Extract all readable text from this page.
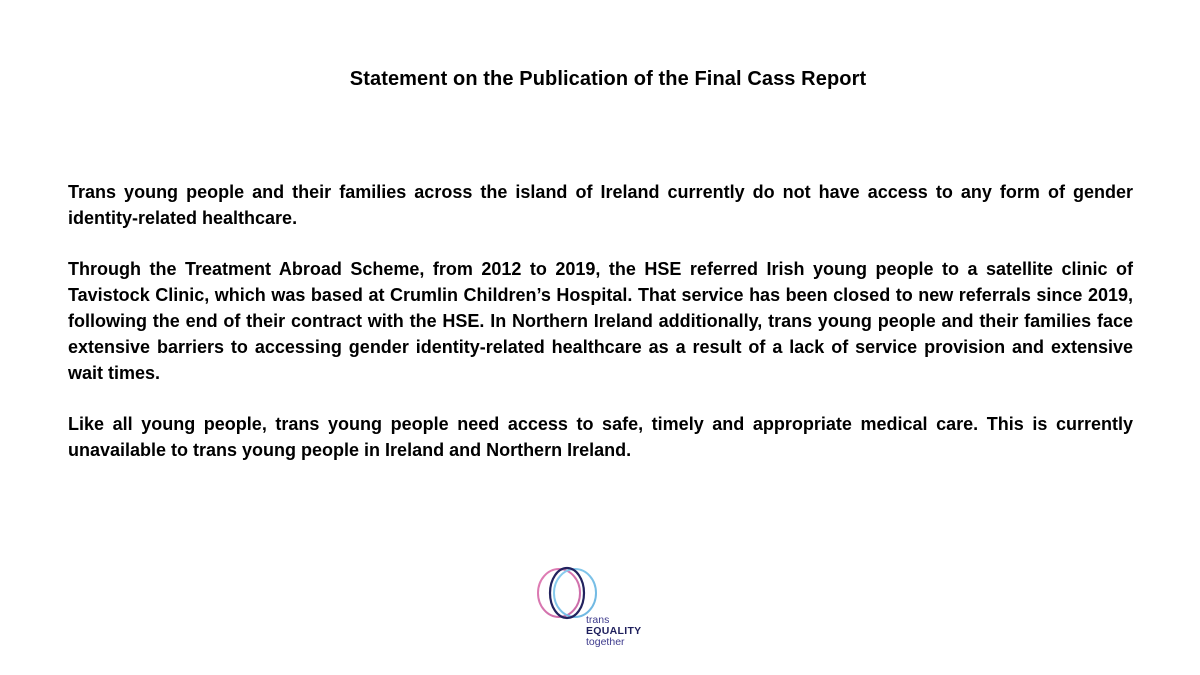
Statement on the Publication of the Final Cass Report

Trans young people and their families across the island of Ireland currently do not have access to any form of gender identity-related healthcare.

Through the Treatment Abroad Scheme, from 2012 to 2019, the HSE referred Irish young people to a satellite clinic of Tavistock Clinic, which was based at Crumlin Children’s Hospital. That service has been closed to new referrals since 2019, following the end of their contract with the HSE. In Northern Ireland additionally, trans young people and their families face extensive barriers to accessing gender identity-related healthcare as a result of a lack of service provision and extensive wait times.

Like all young people, trans young people need access to safe, timely and appropriate medical care. This is currently unavailable to trans young people in Ireland and Northern Ireland.

trans
EQUALITY
together
